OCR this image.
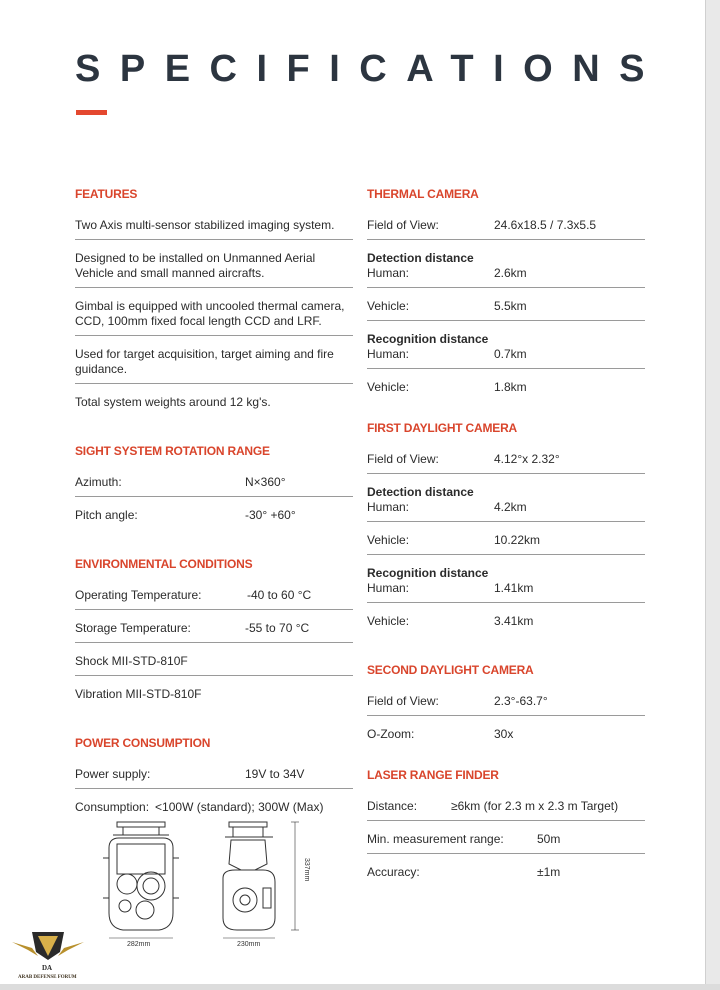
SPECIFICATIONS
FEATURES
Two Axis multi-sensor stabilized imaging system.
Designed to be installed on Unmanned Aerial Vehicle and small manned aircrafts.
Gimbal is equipped with uncooled thermal camera, CCD, 100mm fixed focal length CCD and LRF.
Used for target acquisition, target aiming and fire guidance.
Total system weights around 12 kg's.
SIGHT SYSTEM ROTATION RANGE
Azimuth:	N×360°
Pitch angle:	-30° +60°
ENVIRONMENTAL CONDITIONS
Operating Temperature:	-40 to 60 °C
Storage Temperature:	-55 to 70 °C
Shock MII-STD-810F
Vibration MII-STD-810F
POWER CONSUMPTION
Power supply:	19V to 34V
Consumption: <100W (standard); 300W (Max)
THERMAL CAMERA
Field of View:	24.6x18.5 / 7.3x5.5
Detection distance
Human:	2.6km
Vehicle:	5.5km
Recognition distance
Human:	0.7km
Vehicle:	1.8km
FIRST DAYLIGHT CAMERA
Field of View:	4.12°x 2.32°
Detection distance
Human:	4.2km
Vehicle:	10.22km
Recognition distance
Human:	1.41km
Vehicle:	3.41km
SECOND DAYLIGHT CAMERA
Field of View:	2.3°-63.7°
O-Zoom:	30x
LASER RANGE FINDER
Distance:	≥6km (for 2.3 m x 2.3 m Target)
Min. measurement range:	50m
Accuracy:	±1m
282mm	230mm
337mm
DA
ARAB DEFENSE FORUM
